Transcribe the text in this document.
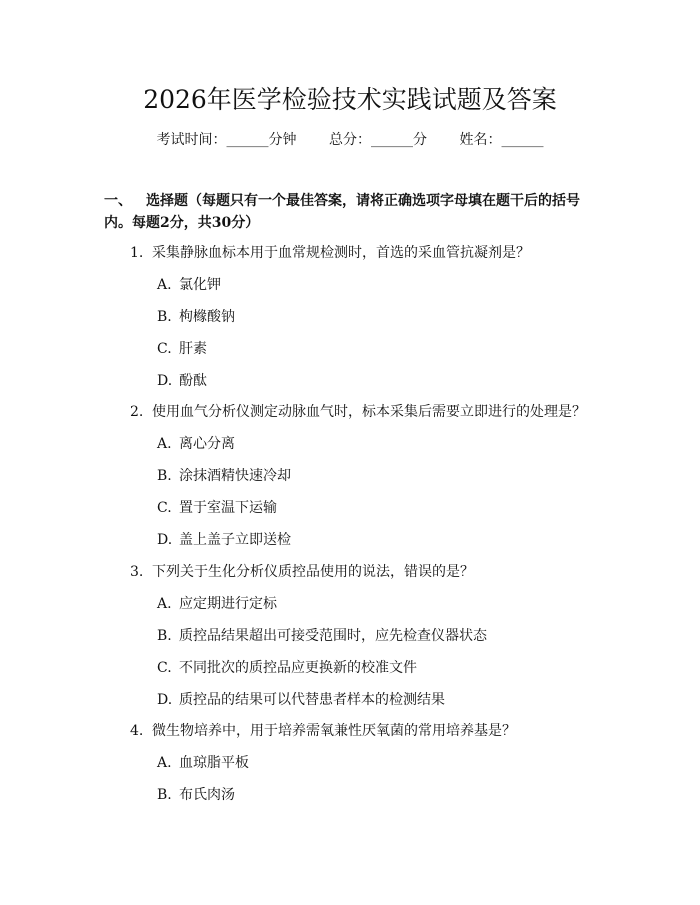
2026年医学检验技术实践试题及答案
考试时间：______分钟 总分：______分 姓名：______
一、 选择题（每题只有一个最佳答案，请将正确选项字母填在题干后的括号内。每题2分，共30分）
1. 采集静脉血标本用于血常规检测时，首选的采血管抗凝剂是？
A. 氯化钾
B. 枸橼酸钠
C. 肝素
D. 酚酞
2. 使用血气分析仪测定动脉血气时，标本采集后需要立即进行的处理是？
A. 离心分离
B. 涂抹酒精快速冷却
C. 置于室温下运输
D. 盖上盖子立即送检
3. 下列关于生化分析仪质控品使用的说法，错误的是？
A. 应定期进行定标
B. 质控品结果超出可接受范围时，应先检查仪器状态
C. 不同批次的质控品应更换新的校准文件
D. 质控品的结果可以代替患者样本的检测结果
4. 微生物培养中，用于培养需氧兼性厌氧菌的常用培养基是？
A. 血琼脂平板
B. 布氏肉汤
